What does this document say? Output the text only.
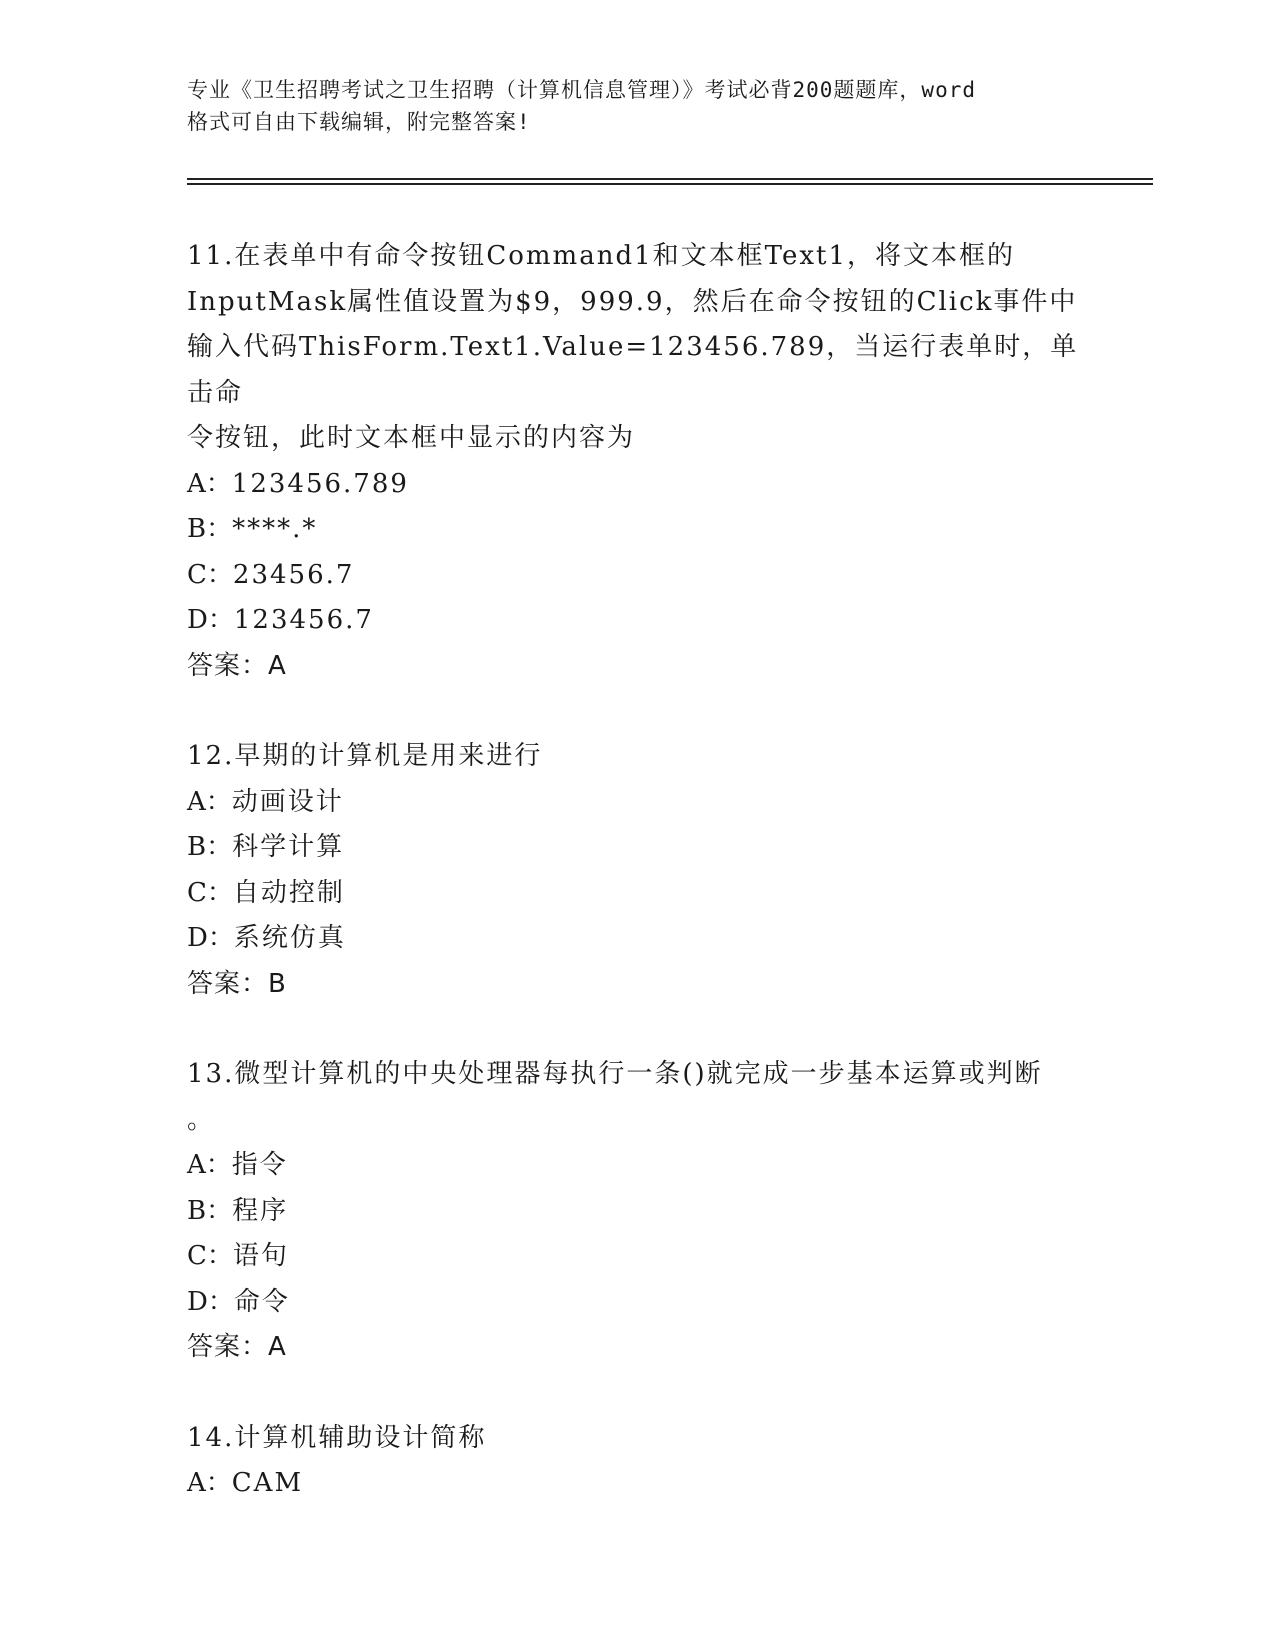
专业《卫生招聘考试之卫生招聘（计算机信息管理）》考试必背200题题库，word
格式可自由下载编辑，附完整答案!
11.在表单中有命令按钮Command1和文本框Text1，将文本框的
InputMask属性值设置为$9，999.9，然后在命令按钮的Click事件中
输入代码ThisForm.Text1.Value=123456.789，当运行表单时，单击命
令按钮，此时文本框中显示的内容为
A：123456.789
B：****.*
C：23456.7
D：123456.7
答案：A
12.早期的计算机是用来进行
A：动画设计
B：科学计算
C：自动控制
D：系统仿真
答案：B
13.微型计算机的中央处理器每执行一条()就完成一步基本运算或判断
。
A：指令
B：程序
C：语句
D：命令
答案：A
14.计算机辅助设计简称
A：CAM
